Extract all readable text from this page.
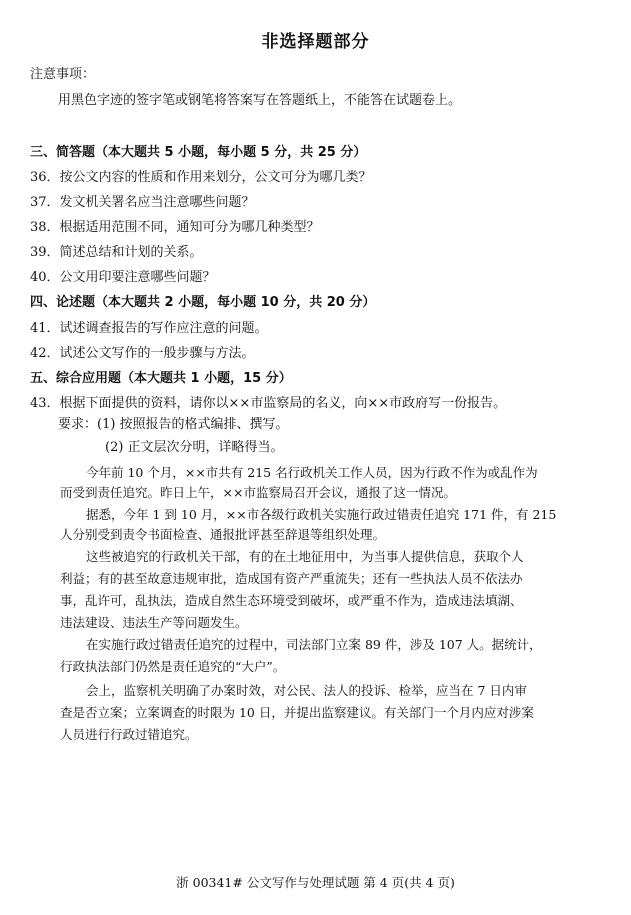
非选择题部分
注意事项：
用黑色字迹的签字笔或钢笔将答案写在答题纸上，不能答在试题卷上。
三、简答题（本大题共 5 小题，每小题 5 分，共 25 分）
36．按公文内容的性质和作用来划分，公文可分为哪几类？
37．发文机关署名应当注意哪些问题？
38．根据适用范围不同，通知可分为哪几种类型？
39．简述总结和计划的关系。
40．公文用印要注意哪些问题？
四、论述题（本大题共 2 小题，每小题 10 分，共 20 分）
41．试述调查报告的写作应注意的问题。
42．试述公文写作的一般步骤与方法。
五、综合应用题（本大题共 1 小题，15 分）
43．根据下面提供的资料，请你以××市监察局的名义，向××市政府写一份报告。
要求：(1) 按照报告的格式编排、撰写。
(2) 正文层次分明，详略得当。
今年前 10 个月，××市共有 215 名行政机关工作人员，因为行政不作为或乱作为
而受到责任追究。昨日上午，××市监察局召开会议，通报了这一情况。
据悉，今年 1 到 10 月，××市各级行政机关实施行政过错责任追究 171 件，有 215
人分别受到责令书面检查、通报批评甚至辞退等组织处理。
这些被追究的行政机关干部，有的在土地征用中，为当事人提供信息，获取个人
利益；有的甚至故意违规审批，造成国有资产严重流失；还有一些执法人员不依法办
事，乱许可，乱执法，造成自然生态环境受到破坏，或严重不作为，造成违法填湖、
违法建设、违法生产等问题发生。
在实施行政过错责任追究的过程中，司法部门立案 89 件，涉及 107 人。据统计，
行政执法部门仍然是责任追究的“大户”。
会上，监察机关明确了办案时效，对公民、法人的投诉、检举，应当在 7 日内审
查是否立案；立案调查的时限为 10 日，并提出监察建议。有关部门一个月内应对涉案
人员进行行政过错追究。
浙 00341# 公文写作与处理试题 第 4 页(共 4 页)
